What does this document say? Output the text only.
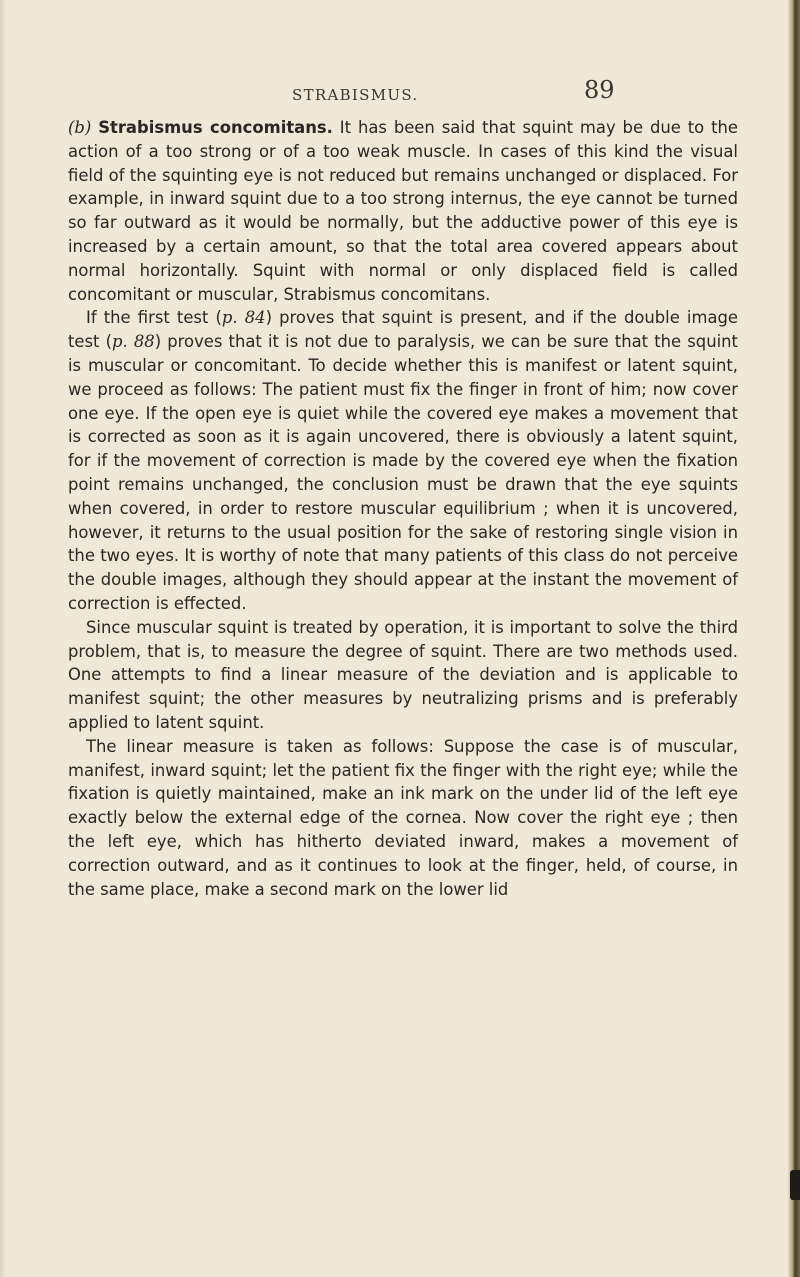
STRABISMUS.	89

(b) Strabismus concomitans. It has been said that squint may be due to the action of a too strong or of a too weak muscle. In cases of this kind the visual field of the squinting eye is not reduced but remains unchanged or displaced. For example, in inward squint due to a too strong internus, the eye cannot be turned so far outward as it would be normally, but the adductive power of this eye is increased by a certain amount, so that the total area covered appears about normal horizontally. Squint with normal or only displaced field is called concomitant or muscular, Strabismus concomitans.

If the first test (p. 84) proves that squint is present, and if the double image test (p. 88) proves that it is not due to paralysis, we can be sure that the squint is muscular or concomitant. To decide whether this is manifest or latent squint, we proceed as follows: The patient must fix the finger in front of him; now cover one eye. If the open eye is quiet while the covered eye makes a movement that is corrected as soon as it is again uncovered, there is obviously a latent squint, for if the movement of correction is made by the covered eye when the fixation point remains unchanged, the conclusion must be drawn that the eye squints when covered, in order to restore muscular equilibrium ; when it is uncovered, however, it returns to the usual position for the sake of restoring single vision in the two eyes. It is worthy of note that many patients of this class do not perceive the double images, although they should appear at the instant the movement of correction is effected.

Since muscular squint is treated by operation, it is important to solve the third problem, that is, to measure the degree of squint. There are two methods used. One attempts to find a linear measure of the deviation and is applicable to manifest squint; the other measures by neutralizing prisms and is preferably applied to latent squint.

The linear measure is taken as follows: Suppose the case is of muscular, manifest, inward squint; let the patient fix the finger with the right eye; while the fixation is quietly maintained, make an ink mark on the under lid of the left eye exactly below the external edge of the cornea. Now cover the right eye ; then the left eye, which has hitherto deviated inward, makes a movement of correction outward, and as it continues to look at the finger, held, of course, in the same place, make a second mark on the lower lid
